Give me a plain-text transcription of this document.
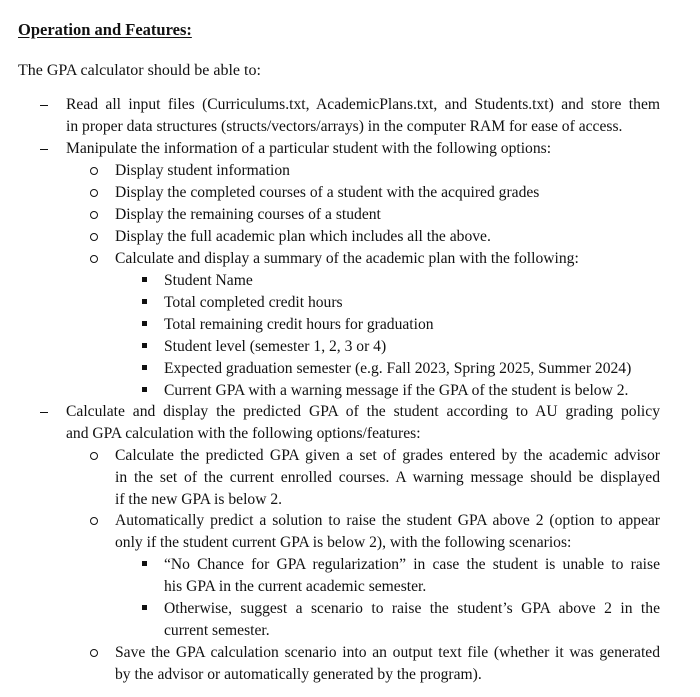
Operation and Features:
The GPA calculator should be able to:
Read all input files (Curriculums.txt, AcademicPlans.txt, and Students.txt) and store them
in proper data structures (structs/vectors/arrays) in the computer RAM for ease of access.
Manipulate the information of a particular student with the following options:
Display student information
Display the completed courses of a student with the acquired grades
Display the remaining courses of a student
Display the full academic plan which includes all the above.
Calculate and display a summary of the academic plan with the following:
Student Name
Total completed credit hours
Total remaining credit hours for graduation
Student level (semester 1, 2, 3 or 4)
Expected graduation semester (e.g. Fall 2023, Spring 2025, Summer 2024)
Current GPA with a warning message if the GPA of the student is below 2.
Calculate and display the predicted GPA of the student according to AU grading policy
and GPA calculation with the following options/features:
Calculate the predicted GPA given a set of grades entered by the academic advisor
in the set of the current enrolled courses. A warning message should be displayed
if the new GPA is below 2.
Automatically predict a solution to raise the student GPA above 2 (option to appear
only if the student current GPA is below 2), with the following scenarios:
“No Chance for GPA regularization” in case the student is unable to raise
his GPA in the current academic semester.
Otherwise, suggest a scenario to raise the student’s GPA above 2 in the
current semester.
Save the GPA calculation scenario into an output text file (whether it was generated
by the advisor or automatically generated by the program).
